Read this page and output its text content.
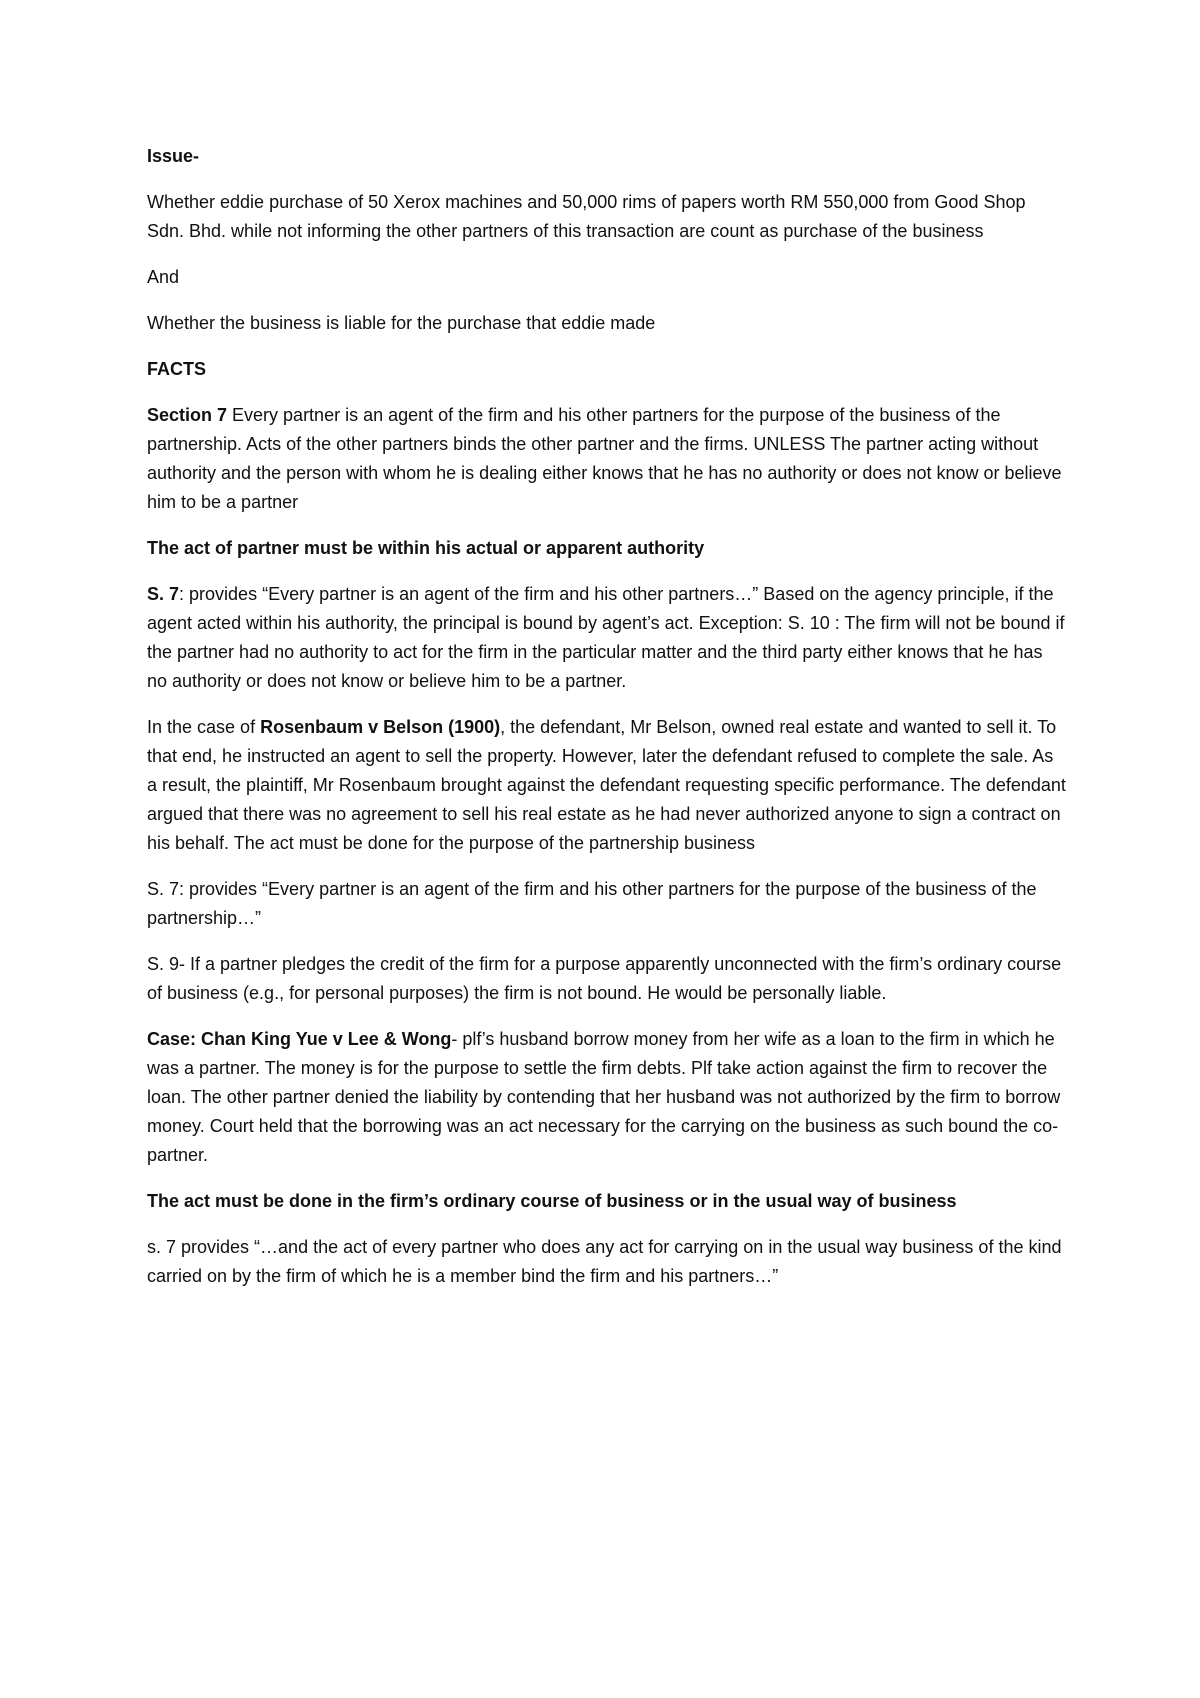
Issue-

Whether eddie purchase of 50 Xerox machines and 50,000 rims of papers worth RM 550,000 from Good Shop Sdn. Bhd. while not informing the other partners of this transaction are count as purchase of the business

And

Whether the business is liable for the purchase that eddie made

FACTS

Section 7 Every partner is an agent of the firm and his other partners for the purpose of the business of the partnership. Acts of the other partners binds the other partner and the firms. UNLESS The partner acting without authority and the person with whom he is dealing either knows that he has no authority or does not know or believe him to be a partner

The act of partner must be within his actual or apparent authority

S. 7: provides “Every partner is an agent of the firm and his other partners…” Based on the agency principle, if the agent acted within his authority, the principal is bound by agent’s act. Exception: S. 10 : The firm will not be bound if the partner had no authority to act for the firm in the particular matter and the third party either knows that he has no authority or does not know or believe him to be a partner.

In the case of Rosenbaum v Belson (1900), the defendant, Mr Belson, owned real estate and wanted to sell it. To that end, he instructed an agent to sell the property. However, later the defendant refused to complete the sale. As a result, the plaintiff, Mr Rosenbaum brought against the defendant requesting specific performance. The defendant argued that there was no agreement to sell his real estate as he had never authorized anyone to sign a contract on his behalf. The act must be done for the purpose of the partnership business

S. 7: provides “Every partner is an agent of the firm and his other partners for the purpose of the business of the partnership…”

S. 9- If a partner pledges the credit of the firm for a purpose apparently unconnected with the firm’s ordinary course of business (e.g., for personal purposes) the firm is not bound. He would be personally liable.

Case: Chan King Yue v Lee & Wong- plf’s husband borrow money from her wife as a loan to the firm in which he was a partner. The money is for the purpose to settle the firm debts. Plf take action against the firm to recover the loan. The other partner denied the liability by contending that her husband was not authorized by the firm to borrow money. Court held that the borrowing was an act necessary for the carrying on the business as such bound the co- partner.

The act must be done in the firm’s ordinary course of business or in the usual way of business

s. 7 provides “…and the act of every partner who does any act for carrying on in the usual way business of the kind carried on by the firm of which he is a member bind the firm and his partners…”
